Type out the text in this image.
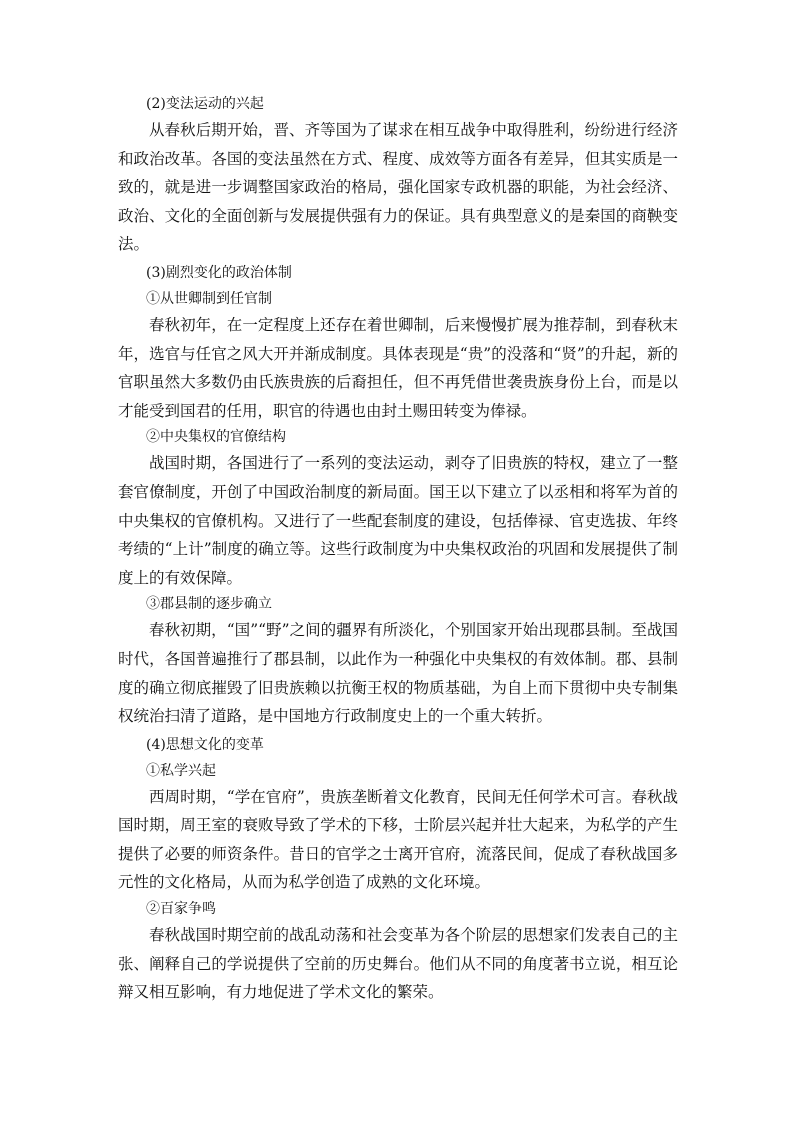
(2)变法运动的兴起

从春秋后期开始，晋、齐等国为了谋求在相互战争中取得胜利，纷纷进行经济和政治改革。各国的变法虽然在方式、程度、成效等方面各有差异，但其实质是一致的，就是进一步调整国家政治的格局，强化国家专政机器的职能，为社会经济、政治、文化的全面创新与发展提供强有力的保证。具有典型意义的是秦国的商鞅变法。

(3)剧烈变化的政治体制
①从世卿制到任官制

春秋初年，在一定程度上还存在着世卿制，后来慢慢扩展为推荐制，到春秋末年，选官与任官之风大开并渐成制度。具体表现是“贵”的没落和“贤”的升起，新的官职虽然大多数仍由氏族贵族的后裔担任，但不再凭借世袭贵族身份上台，而是以才能受到国君的任用，职官的待遇也由封土赐田转变为俸禄。

②中央集权的官僚结构

战国时期，各国进行了一系列的变法运动，剥夺了旧贵族的特权，建立了一整套官僚制度，开创了中国政治制度的新局面。国王以下建立了以丞相和将军为首的中央集权的官僚机构。又进行了一些配套制度的建设，包括俸禄、官吏选拔、年终考绩的“上计”制度的确立等。这些行政制度为中央集权政治的巩固和发展提供了制度上的有效保障。

③郡县制的逐步确立

春秋初期，“国”“野”之间的疆界有所淡化，个别国家开始出现郡县制。至战国时代，各国普遍推行了郡县制，以此作为一种强化中央集权的有效体制。郡、县制度的确立彻底摧毁了旧贵族赖以抗衡王权的物质基础，为自上而下贯彻中央专制集权统治扫清了道路，是中国地方行政制度史上的一个重大转折。

(4)思想文化的变革
①私学兴起

西周时期，“学在官府”，贵族垄断着文化教育，民间无任何学术可言。春秋战国时期，周王室的衰败导致了学术的下移，士阶层兴起并壮大起来，为私学的产生提供了必要的师资条件。昔日的官学之士离开官府，流落民间，促成了春秋战国多元性的文化格局，从而为私学创造了成熟的文化环境。

②百家争鸣

春秋战国时期空前的战乱动荡和社会变革为各个阶层的思想家们发表自己的主张、阐释自己的学说提供了空前的历史舞台。他们从不同的角度著书立说，相互论辩又相互影响，有力地促进了学术文化的繁荣。
